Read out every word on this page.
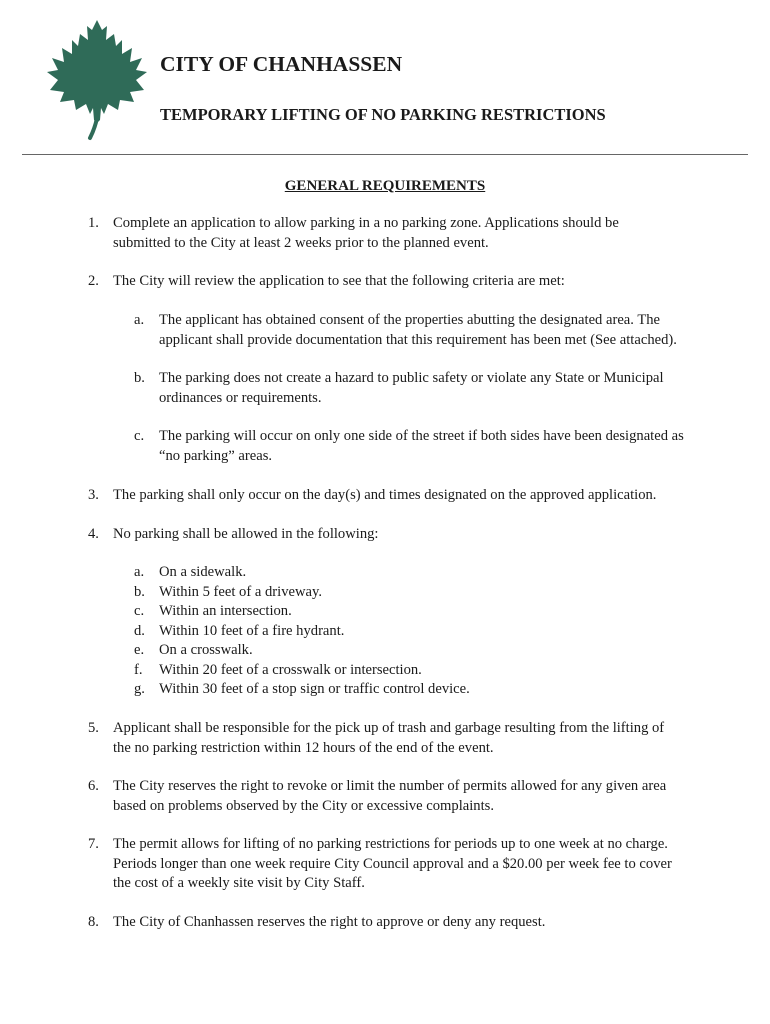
CITY OF CHANHASSEN
TEMPORARY LIFTING OF NO PARKING RESTRICTIONS
GENERAL REQUIREMENTS
1. Complete an application to allow parking in a no parking zone. Applications should be
submitted to the City at least 2 weeks prior to the planned event.
2. The City will review the application to see that the following criteria are met:
a.	The applicant has obtained consent of the properties abutting the designated area. The
applicant shall provide documentation that this requirement has been met (See attached).
b. The parking does not create a hazard to public safety or violate any State or Municipal
ordinances or requirements.
c.	The parking will occur on only one side of the street if both sides have been designated as
“no parking” areas.
3. The parking shall only occur on the day(s) and times designated on the approved application.
4. No parking shall be allowed in the following:
a.	On a sidewalk.
b. Within 5 feet of a driveway.
c.	Within an intersection.
d. Within 10 feet of a fire hydrant.
e.	On a crosswalk.
f.	Within 20 feet of a crosswalk or intersection.
g. Within 30 feet of a stop sign or traffic control device.
5. Applicant shall be responsible for the pick up of trash and garbage resulting from the lifting of
the no parking restriction within 12 hours of the end of the event.
6. The City reserves the right to revoke or limit the number of permits allowed for any given area
based on problems observed by the City or excessive complaints.
7. The permit allows for lifting of no parking restrictions for periods up to one week at no charge.
Periods longer than one week require City Council approval and a $20.00 per week fee to cover
the cost of a weekly site visit by City Staff.
8. The City of Chanhassen reserves the right to approve or deny any request.
